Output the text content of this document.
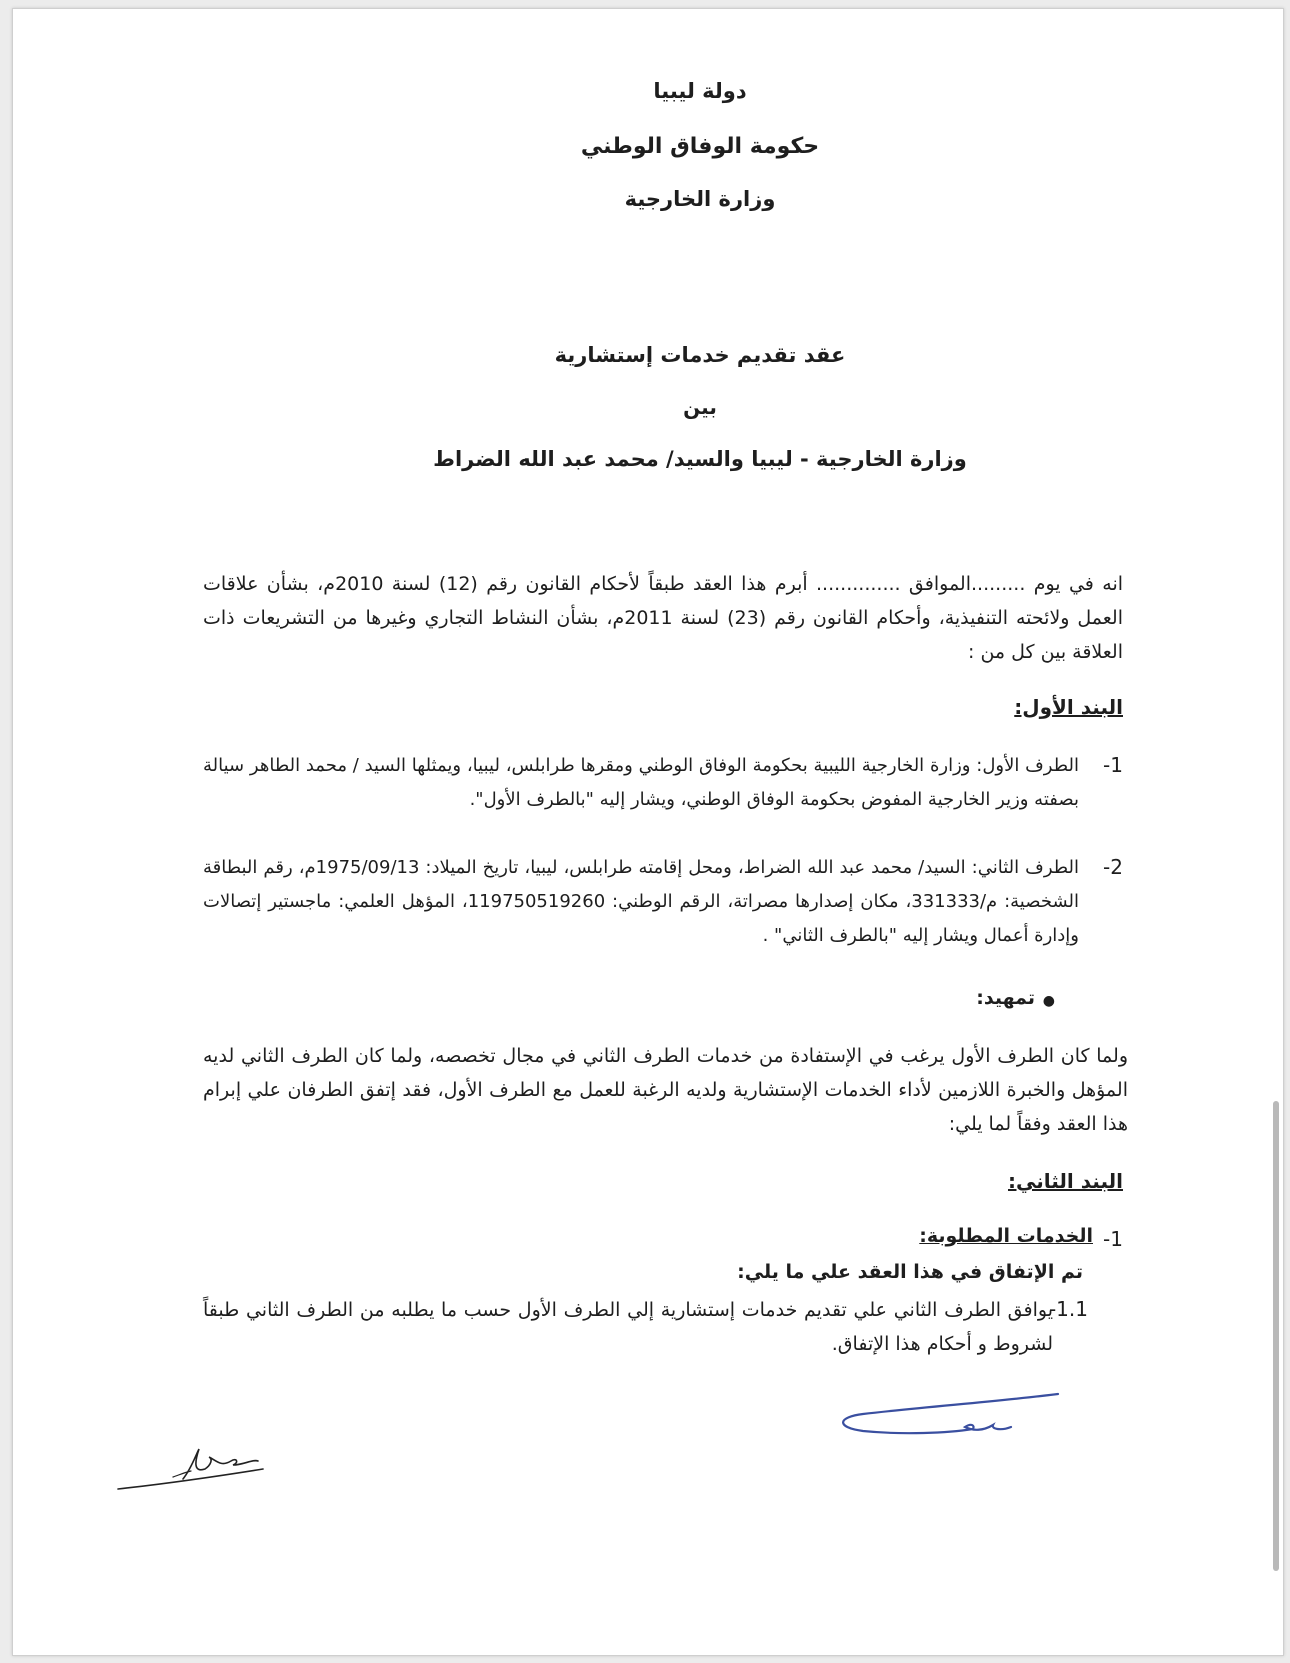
دولة ليبيا
حكومة الوفاق الوطني
وزارة الخارجية
عقد تقديم خدمات إستشارية
بين
وزارة الخارجية - ليبيا والسيد/ محمد عبد الله الضراط
انه في يوم .........الموافق .............. أبرم هذا العقد طبقاً لأحكام القانون رقم (12) لسنة 2010م، بشأن علاقات العمل ولائحته التنفيذية، وأحكام القانون رقم (23) لسنة 2011م، بشأن النشاط التجاري وغيرها من التشريعات ذات العلاقة بين كل من :
البند الأول:
-1
الطرف الأول: وزارة الخارجية الليبية بحكومة الوفاق الوطني ومقرها طرابلس، ليبيا، ويمثلها السيد / محمد الطاهر سيالة بصفته وزير الخارجية المفوض بحكومة الوفاق الوطني، ويشار إليه "بالطرف الأول".
-2
الطرف الثاني: السيد/ محمد عبد الله الضراط، ومحل إقامته طرابلس، ليبيا، تاريخ الميلاد: 1975/09/13م، رقم البطاقة الشخصية: م/331333، مكان إصدارها مصراتة، الرقم الوطني: 119750519260، المؤهل العلمي: ماجستير إتصالات وإدارة أعمال ويشار إليه "بالطرف الثاني" .
●
تمهيد:
ولما كان الطرف الأول يرغب في الإستفادة من خدمات الطرف الثاني في مجال تخصصه، ولما كان الطرف الثاني لديه المؤهل والخبرة اللازمين لأداء الخدمات الإستشارية ولديه الرغبة للعمل مع الطرف الأول، فقد إتفق الطرفان علي إبرام هذا العقد وفقاً لما يلي:
البند الثاني:
-1
الخدمات المطلوبة:
تم الإتفاق في هذا العقد علي ما يلي:
-1.1
يوافق الطرف الثاني علي تقديم خدمات إستشارية إلي الطرف الأول حسب ما يطلبه من الطرف الثاني طبقاً لشروط و أحكام هذا الإتفاق.
